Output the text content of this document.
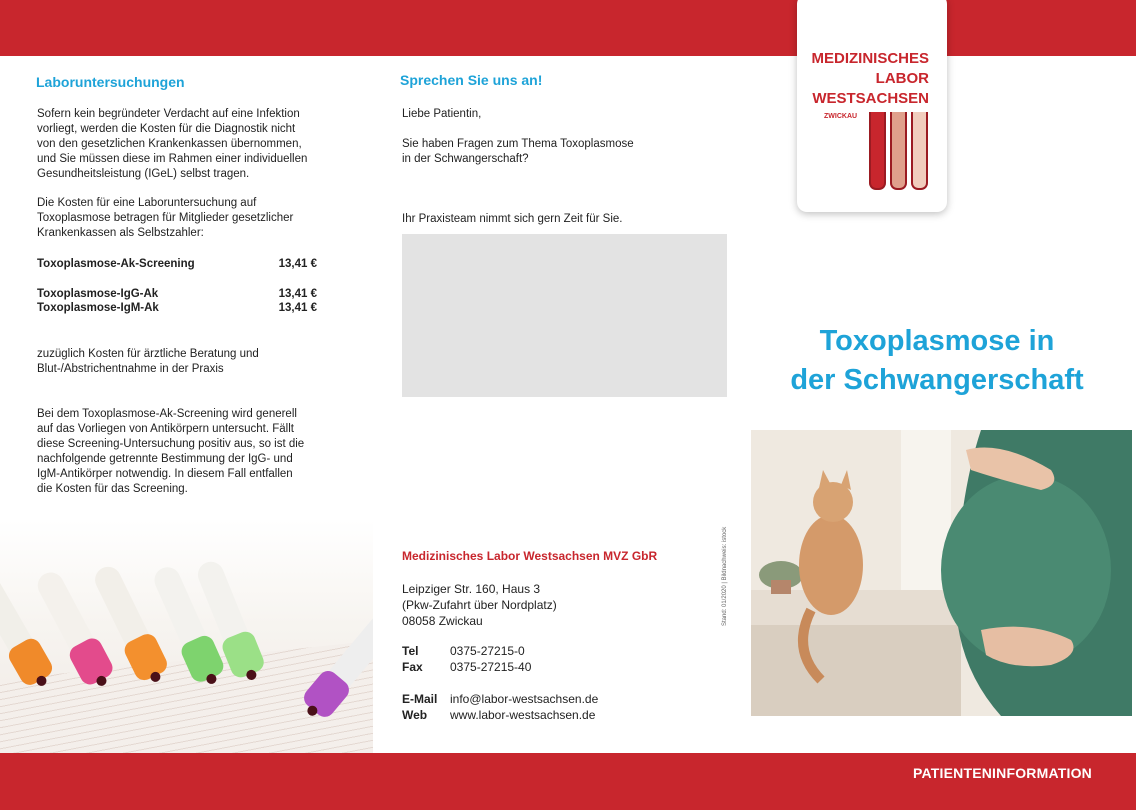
PATIENTENINFORMATION
Laboruntersuchungen

Sofern kein begründeter Verdacht auf eine Infektion

vorliegt, werden die Kosten für die Diagnostik nicht

von den gesetzlichen Krankenkassen übernommen,

und Sie müssen diese im Rahmen einer individuellen

Gesundheitsleistung (IGeL) selbst tragen.

Die Kosten für eine Laboruntersuchung auf

Toxoplasmose betragen für Mitglieder gesetzlicher

Krankenkassen als Selbstzahler:

Toxoplasmose-Ak-Screening	13,41 €
Toxoplasmose-IgG-Ak	13,41 €
Toxoplasmose-IgM-Ak	13,41 €

zuzüglich Kosten für ärztliche Beratung und

Blut-/Abstrichentnahme in der Praxis

Bei dem Toxoplasmose-Ak-Screening wird generell

auf das Vorliegen von Antikörpern untersucht. Fällt

diese Screening-Untersuchung positiv aus, so ist die

nachfolgende getrennte Bestimmung der IgG- und

IgM-Antikörper notwendig. In diesem Fall entfallen

die Kosten für das Screening.

Sprechen Sie uns an!
Liebe Patientin,

Sie haben Fragen zum Thema Toxoplasmose

in der Schwangerschaft?

Ihr Praxisteam nimmt sich gern Zeit für Sie.
Medizinisches Labor Westsachsen MVZ GbR
Leipziger Str. 160, Haus 3
(Pkw-Zufahrt über Nordplatz)
08058 Zwickau
Tel	0375-27215-0
Fax 0375-27215-40
E-Mail info@labor-westsachsen.de
Web www.labor-westsachsen.de
Stand: 01/2020 | Bildnachweis: istock
MEDIZINISCHES
LABOR
WESTSACHSEN
ZWICKAU
Toxoplasmose in
der Schwangerschaft
